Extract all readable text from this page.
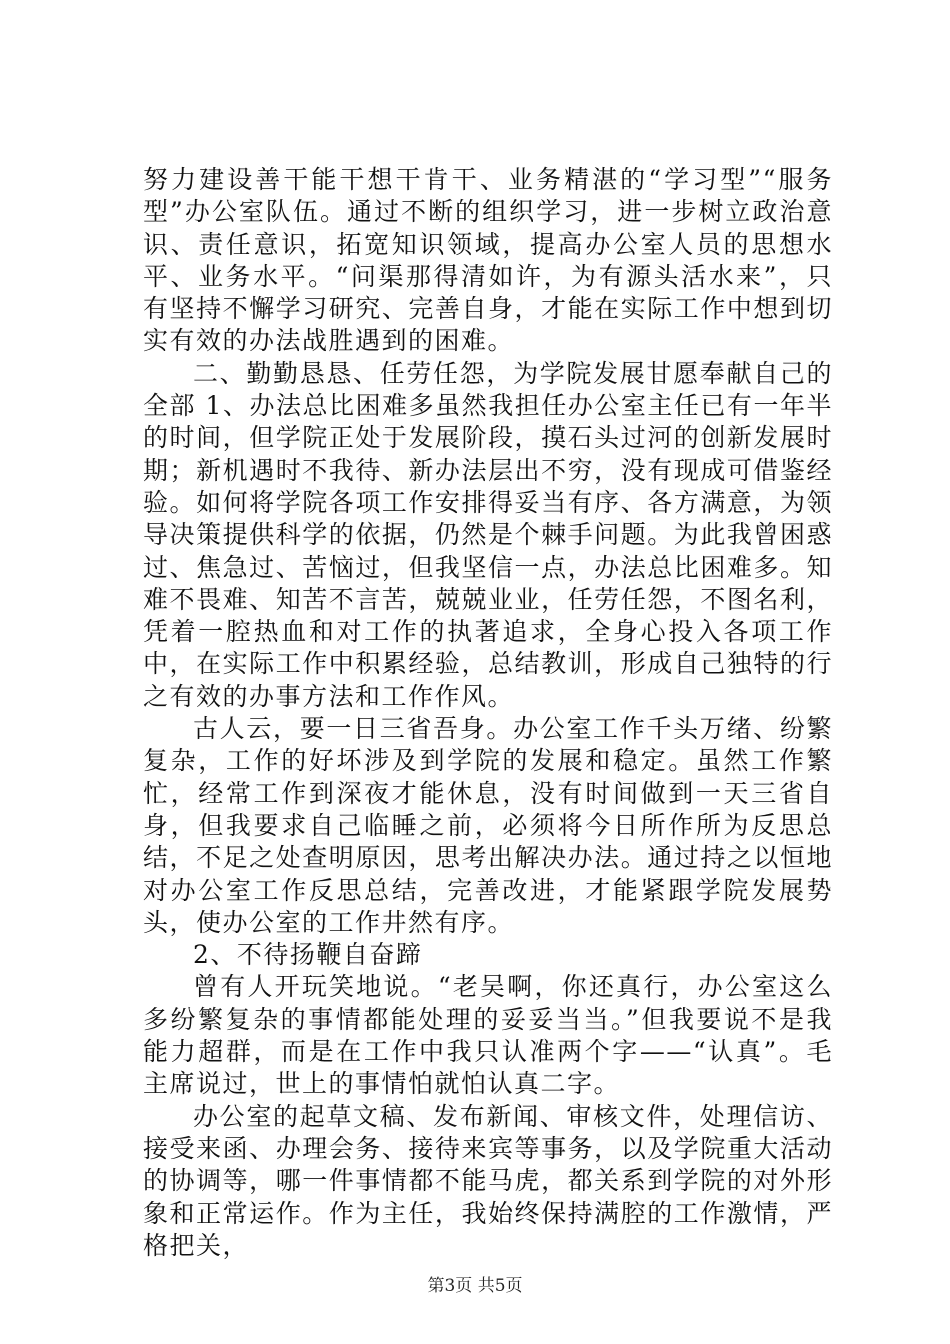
努力建设善干能干想干肯干、业务精湛的“学习型”“服务型”办公室队伍。通过不断的组织学习，进一步树立政治意识、责任意识，拓宽知识领域，提高办公室人员的思想水平、业务水平。“问渠那得清如许，为有源头活水来”，只有坚持不懈学习研究、完善自身，才能在实际工作中想到切实有效的办法战胜遇到的困难。

二、勤勤恳恳、任劳任怨，为学院发展甘愿奉献自己的全部 1、办法总比困难多虽然我担任办公室主任已有一年半的时间，但学院正处于发展阶段，摸石头过河的创新发展时期；新机遇时不我待、新办法层出不穷，没有现成可借鉴经验。如何将学院各项工作安排得妥当有序、各方满意，为领导决策提供科学的依据，仍然是个棘手问题。为此我曾困惑过、焦急过、苦恼过，但我坚信一点，办法总比困难多。知难不畏难、知苦不言苦，兢兢业业，任劳任怨，不图名利，凭着一腔热血和对工作的执著追求，全身心投入各项工作中，在实际工作中积累经验，总结教训，形成自己独特的行之有效的办事方法和工作作风。

古人云，要一日三省吾身。办公室工作千头万绪、纷繁复杂，工作的好坏涉及到学院的发展和稳定。虽然工作繁忙，经常工作到深夜才能休息，没有时间做到一天三省自身，但我要求自己临睡之前，必须将今日所作所为反思总结，不足之处查明原因，思考出解决办法。通过持之以恒地对办公室工作反思总结，完善改进，才能紧跟学院发展势头，使办公室的工作井然有序。

2、不待扬鞭自奋蹄

曾有人开玩笑地说。“老吴啊，你还真行，办公室这么多纷繁复杂的事情都能处理的妥妥当当。”但我要说不是我能力超群，而是在工作中我只认准两个字——“认真”。毛主席说过，世上的事情怕就怕认真二字。

办公室的起草文稿、发布新闻、审核文件，处理信访、接受来函、办理会务、接待来宾等事务，以及学院重大活动的协调等，哪一件事情都不能马虎，都关系到学院的对外形象和正常运作。作为主任，我始终保持满腔的工作激情，严格把关，

第3页 共5页
